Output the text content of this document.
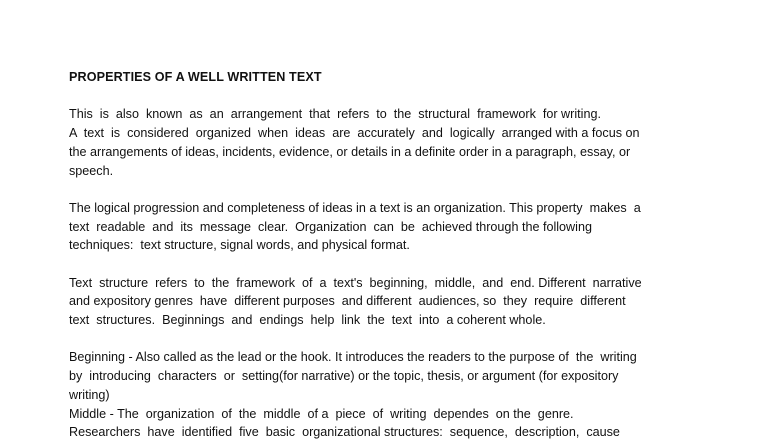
PROPERTIES OF A WELL WRITTEN TEXT
This  is  also  known  as  an  arrangement  that  refers  to  the  structural  framework  for writing.
A  text  is  considered  organized  when  ideas  are  accurately  and  logically  arranged with a focus on
the arrangements of ideas, incidents, evidence, or details in a definite order in a paragraph, essay, or
speech.
The logical progression and completeness of ideas in a text is an organization. This property  makes  a
text  readable  and  its  message  clear.  Organization  can  be  achieved through the following
techniques:  text structure, signal words, and physical format.
Text  structure  refers  to  the  framework  of  a  text's  beginning,  middle,  and  end. Different  narrative
and expository genres  have  different purposes  and different  audiences, so  they  require  different
text  structures.  Beginnings  and  endings  help  link  the  text  into  a coherent whole.
Beginning - Also called as the lead or the hook. It introduces the readers to the purpose of  the  writing
by  introducing  characters  or  setting(for narrative) or the topic, thesis, or argument (for expository
writing)
Middle - The  organization  of  the  middle  of a  piece  of  writing  dependes  on the  genre.
Researchers  have  identified  five  basic  organizational structures:  sequence,  description,  cause
